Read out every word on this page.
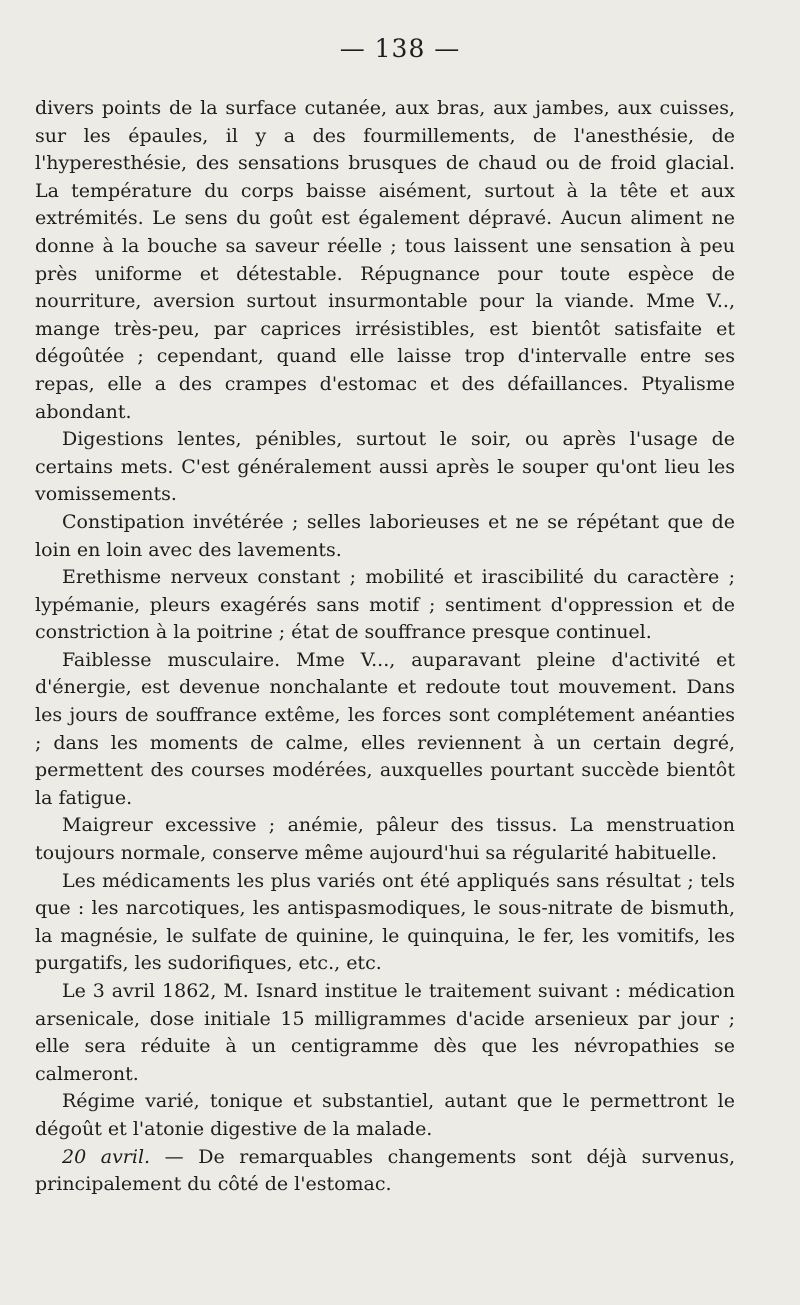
— 138 —

divers points de la surface cutanée, aux bras, aux jambes, aux cuisses, sur les épaules, il y a des fourmillements, de l'anesthésie, de l'hyperesthésie, des sensations brusques de chaud ou de froid glacial. La température du corps baisse aisément, surtout à la tête et aux extrémités. Le sens du goût est également dépravé. Aucun aliment ne donne à la bouche sa saveur réelle ; tous laissent une sensation à peu près uniforme et détestable. Répugnance pour toute espèce de nourriture, aversion surtout insurmontable pour la viande. Mme V.., mange très-peu, par caprices irrésistibles, est bientôt satisfaite et dégoûtée ; cependant, quand elle laisse trop d'intervalle entre ses repas, elle a des crampes d'estomac et des défaillances. Ptyalisme abondant.

Digestions lentes, pénibles, surtout le soir, ou après l'usage de certains mets. C'est généralement aussi après le souper qu'ont lieu les vomissements.

Constipation invétérée ; selles laborieuses et ne se répétant que de loin en loin avec des lavements.

Erethisme nerveux constant ; mobilité et irascibilité du caractère ; lypémanie, pleurs exagérés sans motif ; sentiment d'oppression et de constriction à la poitrine ; état de souffrance presque continuel.

Faiblesse musculaire. Mme V..., auparavant pleine d'activité et d'énergie, est devenue nonchalante et redoute tout mouvement. Dans les jours de souffrance extême, les forces sont complétement anéanties ; dans les moments de calme, elles reviennent à un certain degré, permettent des courses modérées, auxquelles pourtant succède bientôt la fatigue.

Maigreur excessive ; anémie, pâleur des tissus. La menstruation toujours normale, conserve même aujourd'hui sa régularité habituelle.

Les médicaments les plus variés ont été appliqués sans résultat ; tels que : les narcotiques, les antispasmodiques, le sous-nitrate de bismuth, la magnésie, le sulfate de quinine, le quinquina, le fer, les vomitifs, les purgatifs, les sudorifiques, etc., etc.

Le 3 avril 1862, M. Isnard institue le traitement suivant : médication arsenicale, dose initiale 15 milligrammes d'acide arsenieux par jour ; elle sera réduite à un centigramme dès que les névropathies se calmeront.

Régime varié, tonique et substantiel, autant que le permettront le dégoût et l'atonie digestive de la malade.

20 avril. — De remarquables changements sont déjà survenus, principalement du côté de l'estomac.
